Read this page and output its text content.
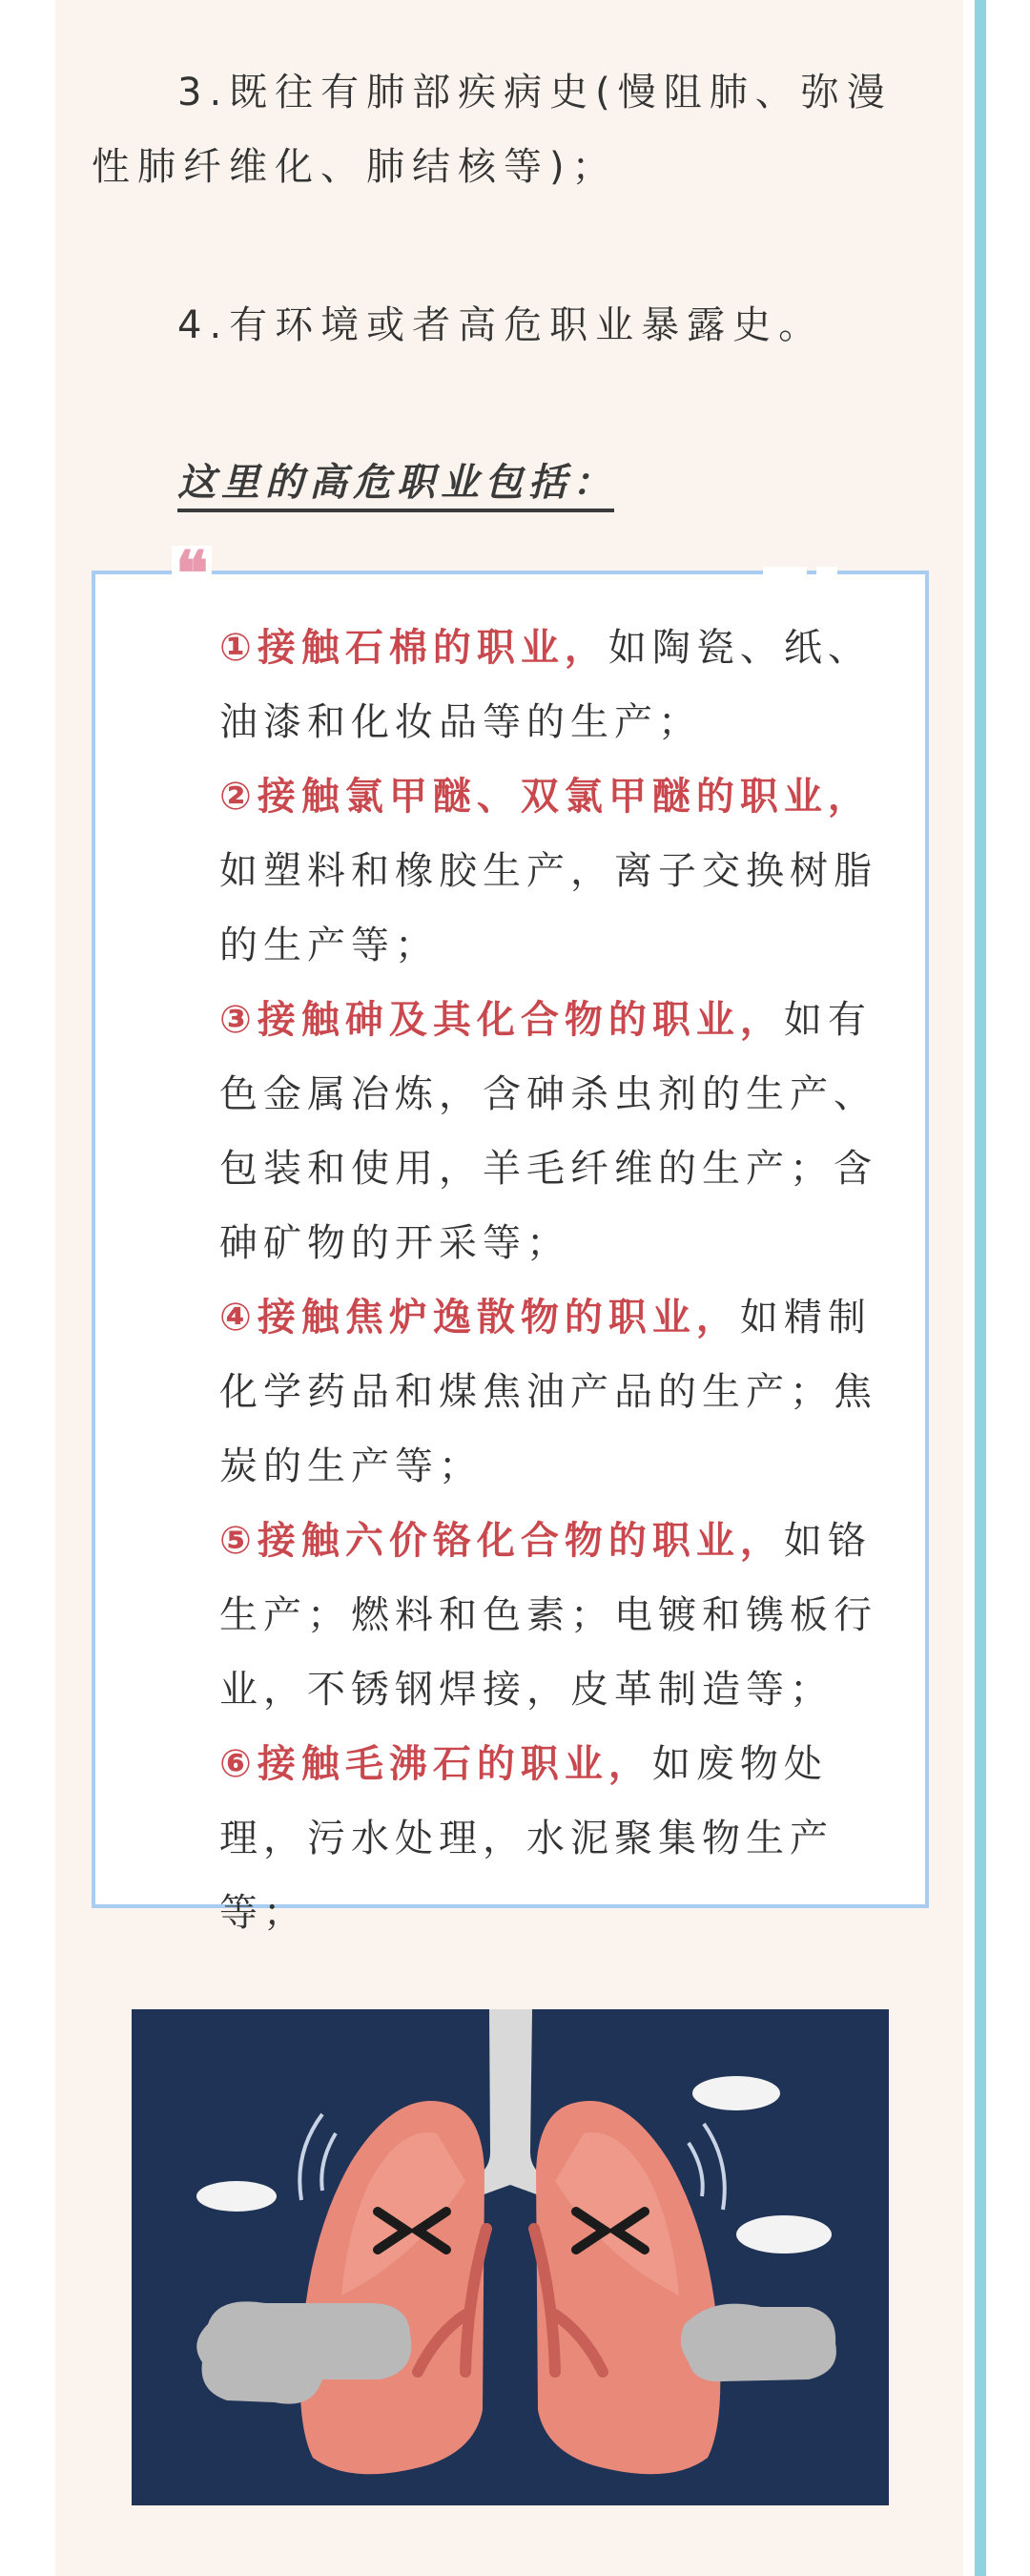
3.既往有肺部疾病史(慢阻肺、弥漫性肺纤维化、肺结核等)；

4.有环境或者高危职业暴露史。

这里的高危职业包括：
❝

①接触石棉的职业，如陶瓷、纸、油漆和化妆品等的生产；

②接触氯甲醚、双氯甲醚的职业，如塑料和橡胶生产，离子交换树脂的生产等；

③接触砷及其化合物的职业，如有色金属冶炼，含砷杀虫剂的生产、包装和使用，羊毛纤维的生产；含砷矿物的开采等；

④接触焦炉逸散物的职业，如精制化学药品和煤焦油产品的生产；焦炭的生产等；

⑤接触六价铬化合物的职业，如铬生产；燃料和色素；电镀和镌板行业，不锈钢焊接，皮革制造等；

⑥接触毛沸石的职业，如废物处理，污水处理，水泥聚集物生产等；
